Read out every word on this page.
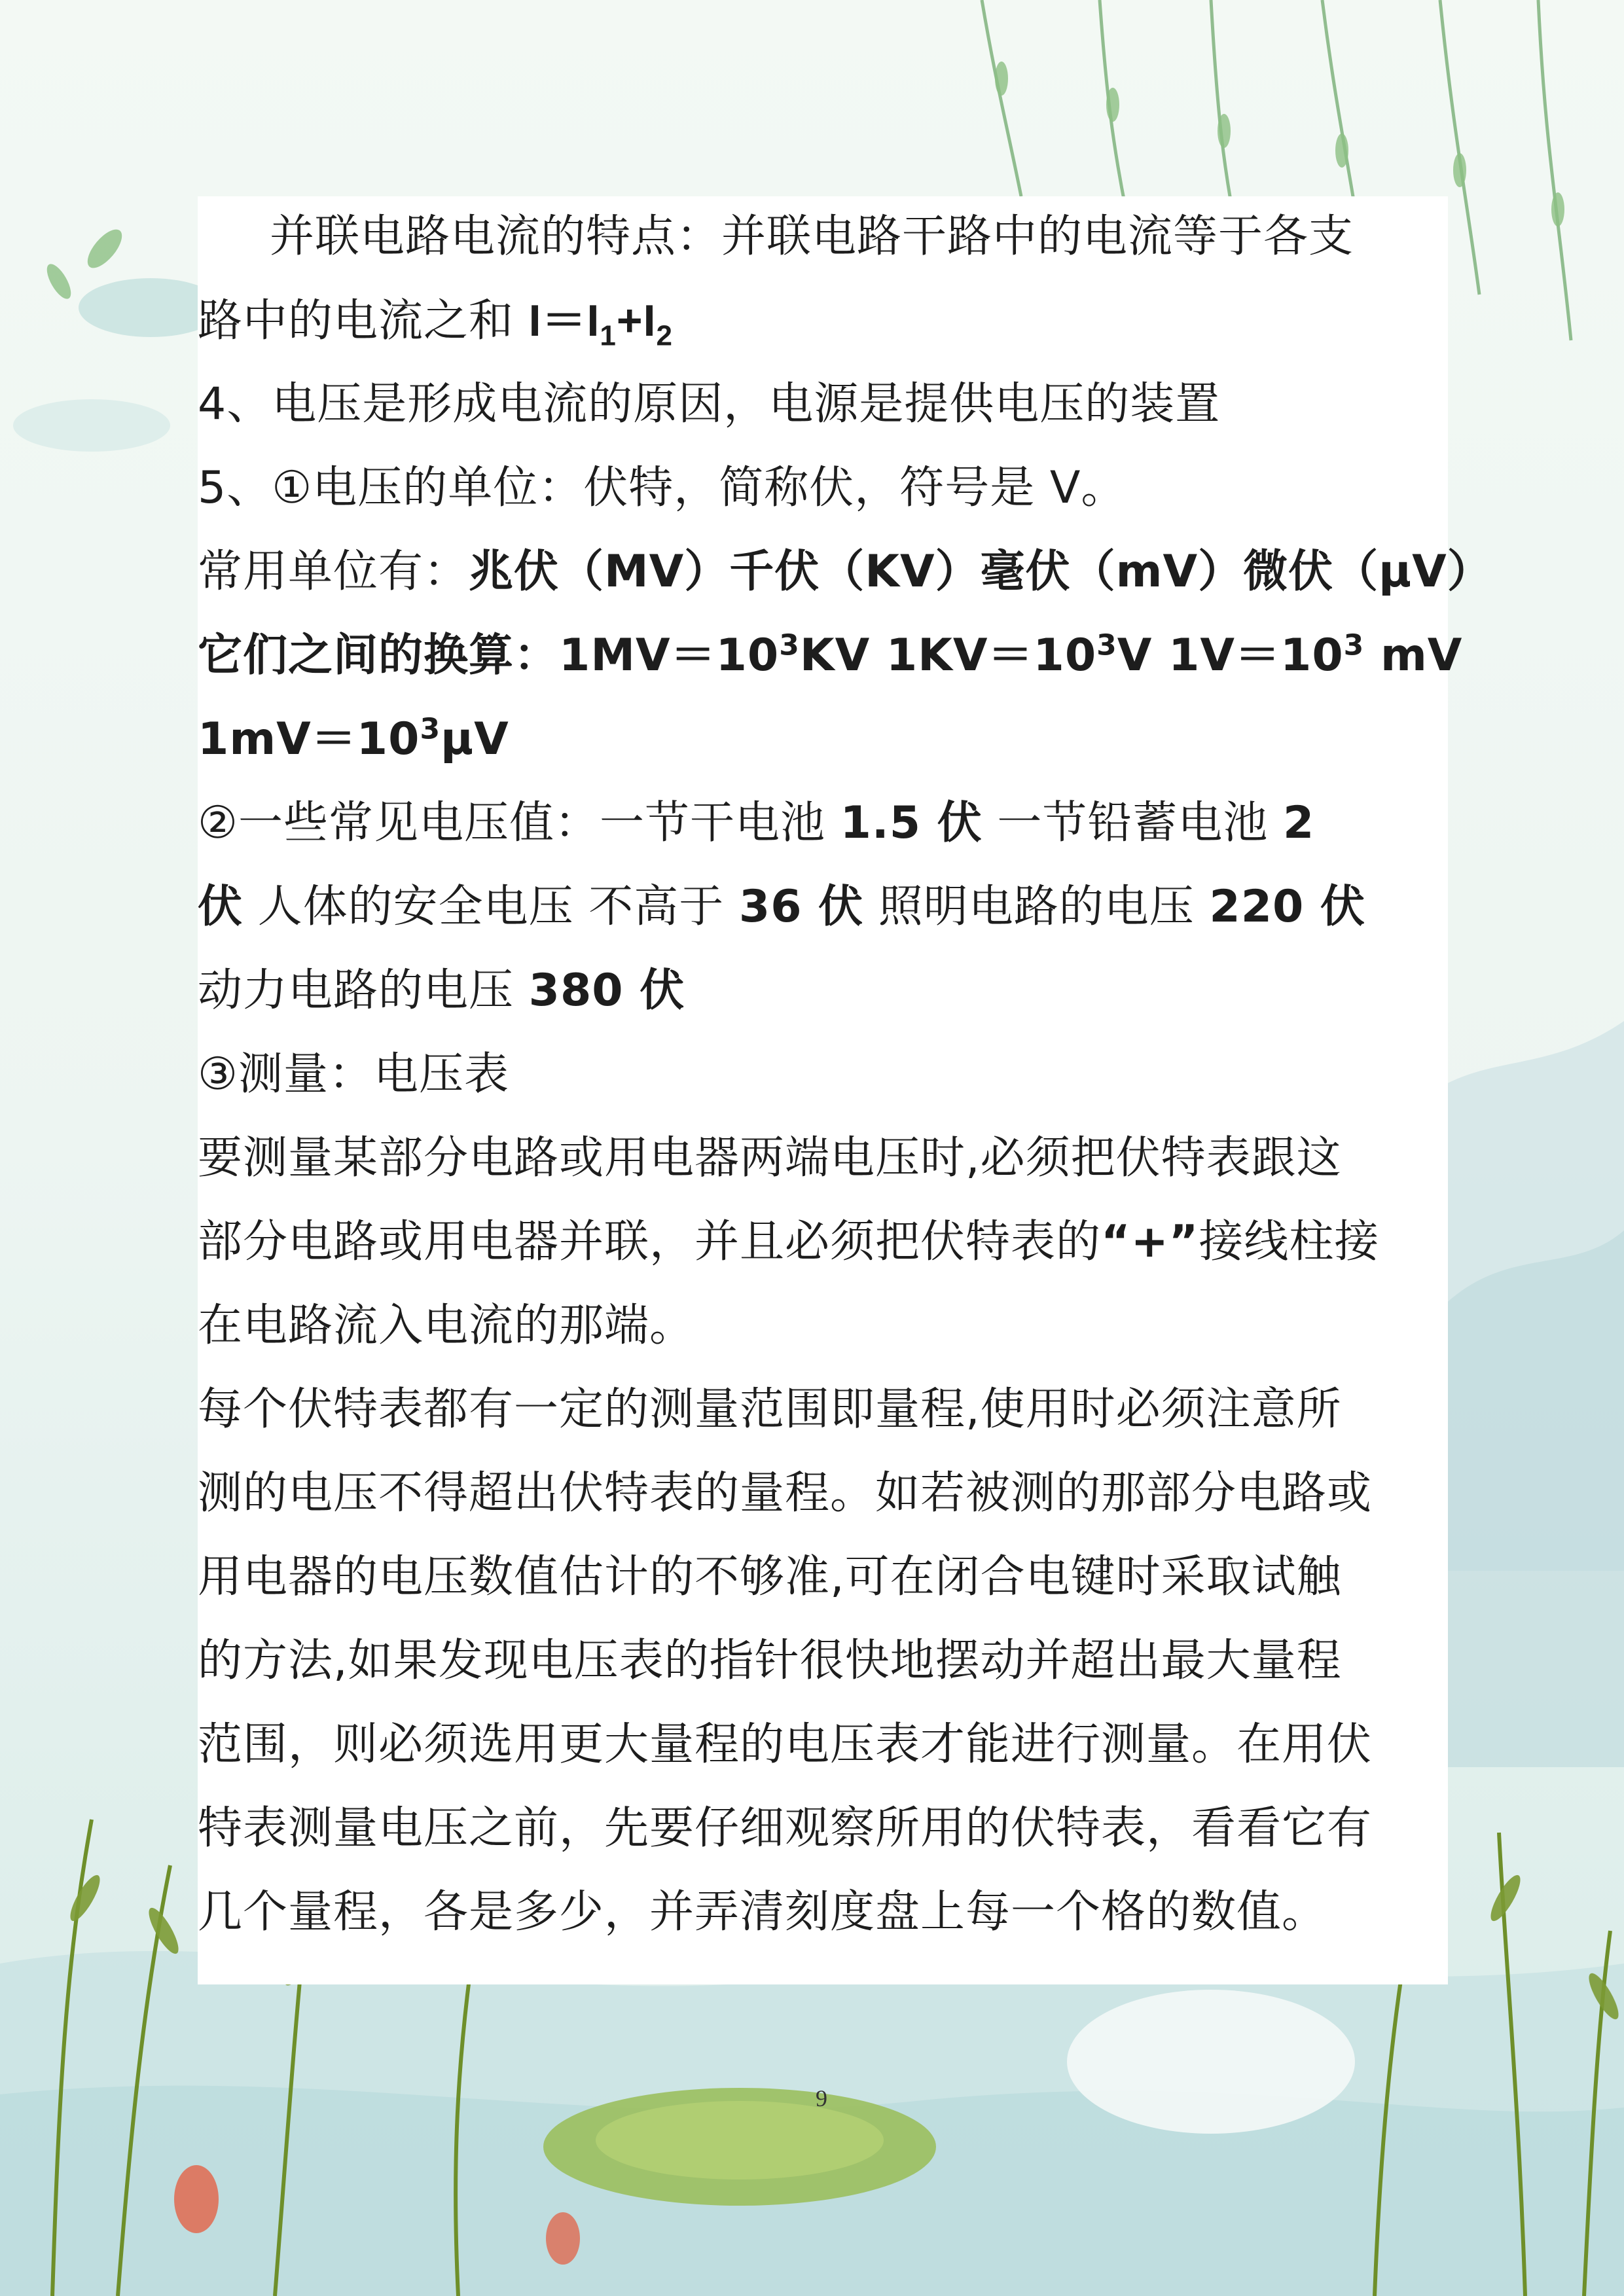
并联电路电流的特点：并联电路干路中的电流等于各支
路中的电流之和 $I=I_1+I_2$
4、电压是形成电流的原因，电源是提供电压的装置
5、①电压的单位：伏特，简称伏，符号是 V。
常用单位有：兆伏（MV）千伏（KV）毫伏（mV）微伏（μV）
它们之间的换算：$1MV=10^3KV$ $1KV=10^3V$ $1V=10^3$ mV
$1mV=10^3\mu V$
②一些常见电压值：一节干电池 1.5 伏 一节铅蓄电池 2
伏 人体的安全电压 不高于 36 伏 照明电路的电压 220 伏
动力电路的电压 380 伏
③测量：电压表
要测量某部分电路或用电器两端电压时,必须把伏特表跟这
部分电路或用电器并联，并且必须把伏特表的“+”接线柱接
在电路流入电流的那端。
每个伏特表都有一定的测量范围即量程,使用时必须注意所
测的电压不得超出伏特表的量程。如若被测的那部分电路或
用电器的电压数值估计的不够准,可在闭合电键时采取试触
的方法,如果发现电压表的指针很快地摆动并超出最大量程
范围，则必须选用更大量程的电压表才能进行测量。在用伏
特表测量电压之前，先要仔细观察所用的伏特表，看看它有
几个量程，各是多少，并弄清刻度盘上每一个格的数值。
9
